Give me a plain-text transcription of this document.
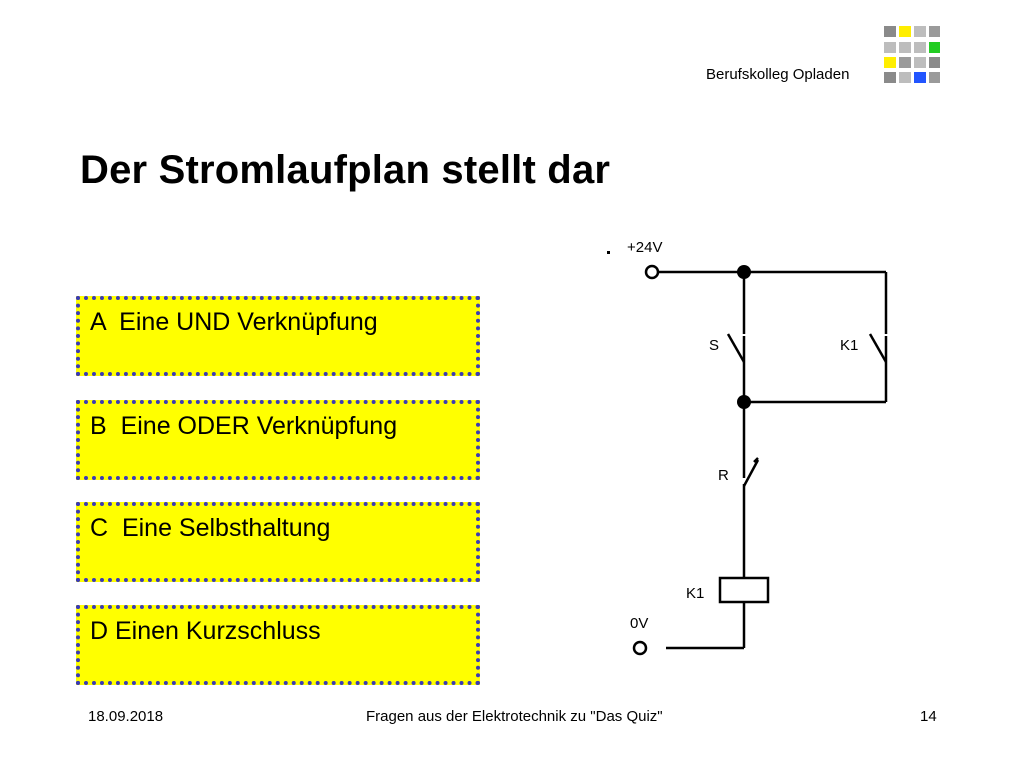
Berufskolleg Opladen
Der Stromlaufplan stellt dar
A  Eine UND Verknüpfung
B  Eine ODER Verknüpfung
C  Eine Selbsthaltung
D Einen Kurzschluss
+24V
S	K1
R
K1
0V
18.09.2018	Fragen aus der Elektrotechnik zu "Das Quiz"	14
